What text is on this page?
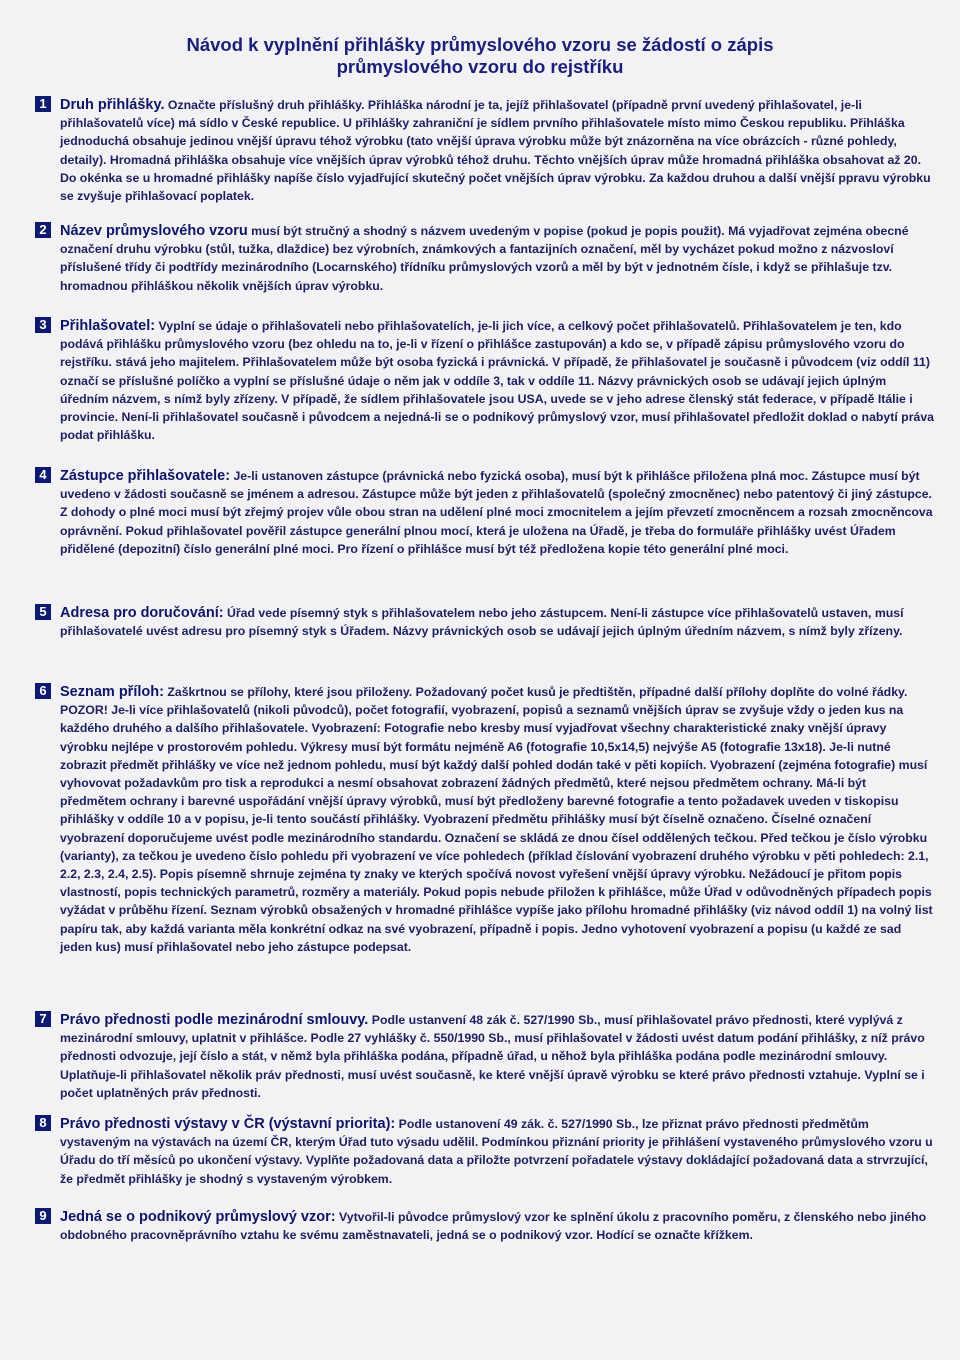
Návod k vyplnění přihlášky průmyslového vzoru se žádostí o zápis
průmyslového vzoru do rejstříku
1 Druh přihlášky. Označte příslušný druh přihlášky. Přihláška národní je ta, jejíž přihlašovatel (případně první uvedený přihlašovatel, je-li přihlašovatelů více) má sídlo v České republice. U přihlášky zahraniční je sídlem prvního přihlašovatele místo mimo Českou republiku. Přihláška jednoduchá obsahuje jedinou vnější úpravu téhož výrobku (tato vnější úprava výrobku může být znázorněna na více obrázcích - různé pohledy, detaily). Hromadná přihláška obsahuje více vnějších úprav výrobků téhož druhu. Těchto vnějších úprav může hromadná přihláška obsahovat až 20. Do okénka se u hromadné přihlášky napíše číslo vyjadřující skutečný počet vnějších úprav výrobku. Za každou druhou a další vnější ppravu výrobku se zvyšuje přihlašovací poplatek.
2 Název průmyslového vzoru musí být stručný a shodný s názvem uvedeným v popise (pokud je popis použit). Má vyjadřovat zejména obecné označení druhu výrobku (stůl, tužka, dlaždice) bez výrobních, známkových a fantazijních označení, měl by vycházet pokud možno z názvosloví příslušené třídy či podtřídy mezinárodního (Locarnského) třídníku průmyslových vzorů a měl by být v jednotném čísle, i když se přihlašuje tzv. hromadnou přihláškou několik vnějších úprav výrobku.
3 Přihlašovatel: Vyplní se údaje o přihlašovateli nebo přihlašovatelích, je-li jich více, a celkový počet přihlašovatelů. Přihlašovatelem je ten, kdo podává přihlášku průmyslového vzoru (bez ohledu na to, je-li v řízení o přihlášce zastupován) a kdo se, v případě zápisu průmyslového vzoru do rejstříku. stává jeho majitelem. Přihlašovatelem může být osoba fyzická i právnická. V případě, že přihlašovatel je současně i původcem (viz oddíl 11) označí se příslušné políčko a vyplní se příslušné údaje o něm jak v oddíle 3, tak v oddíle 11. Názvy právnických osob se udávají jejich úplným úředním názvem, s nímž byly zřízeny. V případě, že sídlem přihlašovatele jsou USA, uvede se v jeho adrese členský stát federace, v případě Itálie i provincie. Není-li přihlašovatel současně i původcem a nejedná-li se o podnikový průmyslový vzor, musí přihlašovatel předložit doklad o nabytí práva podat přihlášku.
4 Zástupce přihlašovatele: Je-li ustanoven zástupce (právnická nebo fyzická osoba), musí být k přihlášce přiložena plná moc. Zástupce musí být uvedeno v žádosti současně se jménem a adresou. Zástupce může být jeden z přihlašovatelů (společný zmocněnec) nebo patentový či jiný zástupce. Z dohody o plné moci musí být zřejmý projev vůle obou stran na udělení plné moci zmocnitelem a jejím převzetí zmocněncem a rozsah zmocněncova oprávnění. Pokud přihlašovatel pověřil zástupce generální plnou mocí, která je uložena na Úřadě, je třeba do formuláře přihlášky uvést Úřadem přidělené (depozitní) číslo generální plné moci. Pro řízení o přihlášce musí být též předložena kopie této generální plné moci.
5 Adresa pro doručování: Úřad vede písemný styk s přihlašovatelem nebo jeho zástupcem. Není-li zástupce více přihlašovatelů ustaven, musí přihlašovatelé uvést adresu pro písemný styk s Úřadem. Názvy právnických osob se udávají jejich úplným úředním názvem, s nímž byly zřízeny.
6 Seznam příloh: Zaškrtnou se přílohy, které jsou přiloženy. Požadovaný počet kusů je předtištěn, případné další přílohy doplňte do volné řádky. POZOR! Je-li více přihlašovatelů (nikoli původců), počet fotografií, vyobrazení, popisů a seznamů vnějších úprav se zvyšuje vždy o jeden kus na každého druhého a dalšího přihlašovatele. Vyobrazení: Fotografie nebo kresby musí vyjadřovat všechny charakteristické znaky vnější úpravy výrobku nejlépe v prostorovém pohledu. Výkresy musí být formátu nejméně A6 (fotografie 10,5x14,5) nejvýše A5 (fotografie 13x18). Je-li nutné zobrazit předmět přihlášky ve více než jednom pohledu, musí být každý další pohled dodán také v pěti kopiích. Vyobrazení (zejména fotografie) musí vyhovovat požadavkům pro tisk a reprodukci a nesmí obsahovat zobrazení žádných předmětů, které nejsou předmětem ochrany. Má-li být předmětem ochrany i barevné uspořádání vnější úpravy výrobků, musí být předloženy barevné fotografie a tento požadavek uveden v tiskopisu přihlášky v oddíle 10 a v popisu, je-li tento součástí přihlášky. Vyobrazení předmětu přihlášky musí být číselně označeno. Číselné označení vyobrazení doporučujeme uvést podle mezinárodního standardu. Označení se skládá ze dnou čísel oddělených tečkou. Před tečkou je číslo výrobku (varianty), za tečkou je uvedeno číslo pohledu při vyobrazení ve více pohledech (příklad číslování vyobrazení druhého výrobku v pěti pohledech: 2.1, 2.2, 2.3, 2.4, 2.5). Popis písemně shrnuje zejména ty znaky ve kterých spočívá novost vyřešení vnější úpravy výrobku. Nežádoucí je přitom popis vlastností, popis technických parametrů, rozměry a materiály. Pokud popis nebude přiložen k přihlášce, může Úřad v odůvodněných případech popis vyžádat v průběhu řízení. Seznam výrobků obsažených v hromadné přihlášce vypíše jako přílohu hromadné přihlášky (viz návod oddíl 1) na volný list papíru tak, aby každá varianta měla konkrétní odkaz na své vyobrazení, případně i popis. Jedno vyhotovení vyobrazení a popisu (u každé ze sad jeden kus) musí přihlašovatel nebo jeho zástupce podepsat.
7 Právo přednosti podle mezinárodní smlouvy. Podle ustanvení 48 zák č. 527/1990 Sb., musí přihlašovatel právo přednosti, které vyplývá z mezinárodní smlouvy, uplatnit v přihlášce. Podle 27 vyhlášky č. 550/1990 Sb., musí přihlašovatel v žádosti uvést datum podání přihlášky, z níž právo přednosti odvozuje, její číslo a stát, v němž byla přihláška podána, případně úřad, u něhož byla přihláška podána podle mezinárodní smlouvy. Uplatňuje-li přihlašovatel několik práv přednosti, musí uvést současně, ke které vnější úpravě výrobku se které právo přednosti vztahuje. Vyplní se i počet uplatněných práv přednosti.
8 Právo přednosti výstavy v ČR (výstavní priorita): Podle ustanovení 49 zák. č. 527/1990 Sb., lze přiznat právo přednosti předmětům vystaveným na výstavách na území ČR, kterým Úřad tuto výsadu udělil. Podmínkou přiznání priority je přihlášení vystaveného průmyslového vzoru u Úřadu do tří měsíců po ukončení výstavy. Vyplňte požadovaná data a přiložte potvrzení pořadatele výstavy dokládající požadovaná data a strvrzující, že předmět přihlášky je shodný s vystaveným výrobkem.
9 Jedná se o podnikový průmyslový vzor: Vytvořil-li původce průmyslový vzor ke splnění úkolu z pracovního poměru, z členského nebo jiného obdobného pracovněprávního vztahu ke svému zaměstnavateli, jedná se o podnikový vzor. Hodící se označte křížkem.
